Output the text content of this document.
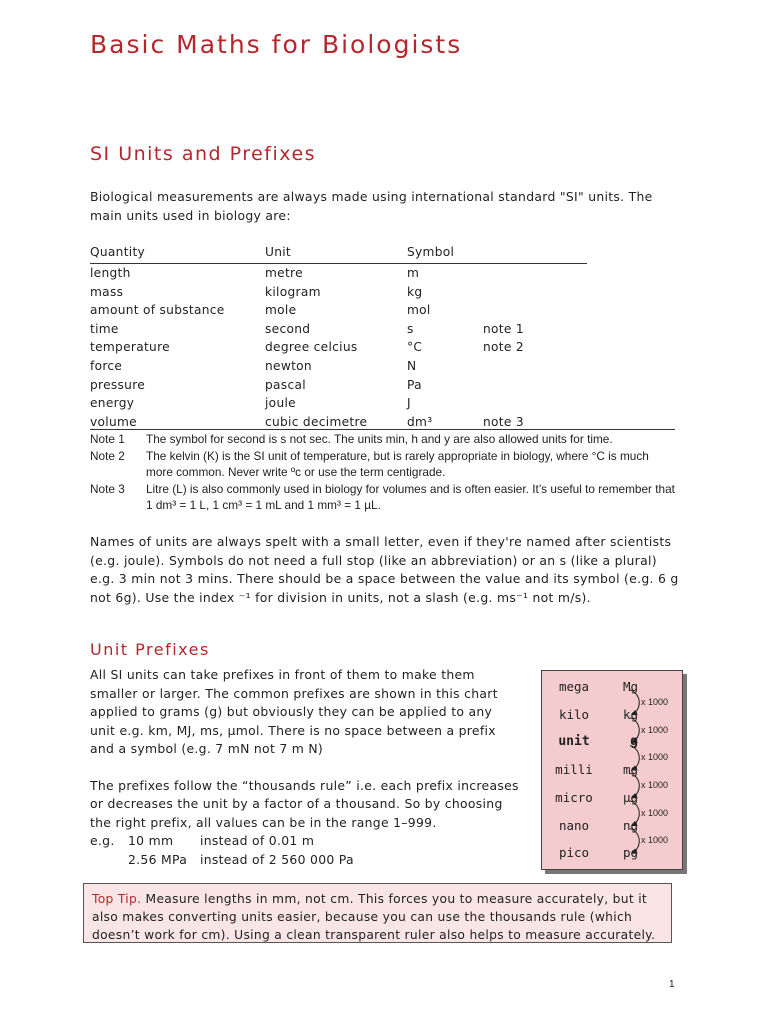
Basic Maths for Biologists
SI Units and Prefixes
Biological measurements are always made using international standard "SI" units. The main units used in biology are:
Quantity	Unit	Symbol
length	metre	m
mass	kilogram	kg
amount of substance	mole	mol
time	second	s	note 1
temperature	degree celcius	°C	note 2
force	newton	N
pressure	pascal	Pa
energy	joule	J
volume	cubic decimetre	dm³	note 3
Note 1	The symbol for second is s not sec. The units min, h and y are also allowed units for time.
Note 2	The kelvin (K) is the SI unit of temperature, but is rarely appropriate in biology, where °C is much more common. Never write ºc or use the term centigrade.
Note 3	Litre (L) is also commonly used in biology for volumes and is often easier. It’s useful to remember that 1 dm³ = 1 L, 1 cm³ = 1 mL and 1 mm³ = 1 µL.
Names of units are always spelt with a small letter, even if they're named after scientists (e.g. joule). Symbols do not need a full stop (like an abbreviation) or an s (like a plural) e.g. 3 min not 3 mins. There should be a space between the value and its symbol (e.g. 6 g not 6g). Use the index ⁻¹ for division in units, not a slash (e.g. ms⁻¹ not m/s).
Unit Prefixes

All SI units can take prefixes in front of them to make them smaller or larger. The common prefixes are shown in this chart applied to grams (g) but obviously they can be applied to any unit e.g. km, MJ, ms, µmol. There is no space between a prefix and a symbol (e.g. 7 mN not 7 m N)

The prefixes follow the “thousands rule” i.e. each prefix increases or decreases the unit by a factor of a thousand. So by choosing the right prefix, all values can be in the range 1–999.

e.g.	10 mm	instead of 0.01 m
2.56 MPa	instead of 2 560 000 Pa
mega	Mg
kilo	kg
unit	g
milli	mg
micro	µg
nano	ng
pico	pg
x 1000
x 1000
x 1000
x 1000
x 1000
x 1000
Top Tip. Measure lengths in mm, not cm. This forces you to measure accurately, but it also makes converting units easier, because you can use the thousands rule (which doesn’t work for cm). Using a clean transparent ruler also helps to measure accurately.
1
